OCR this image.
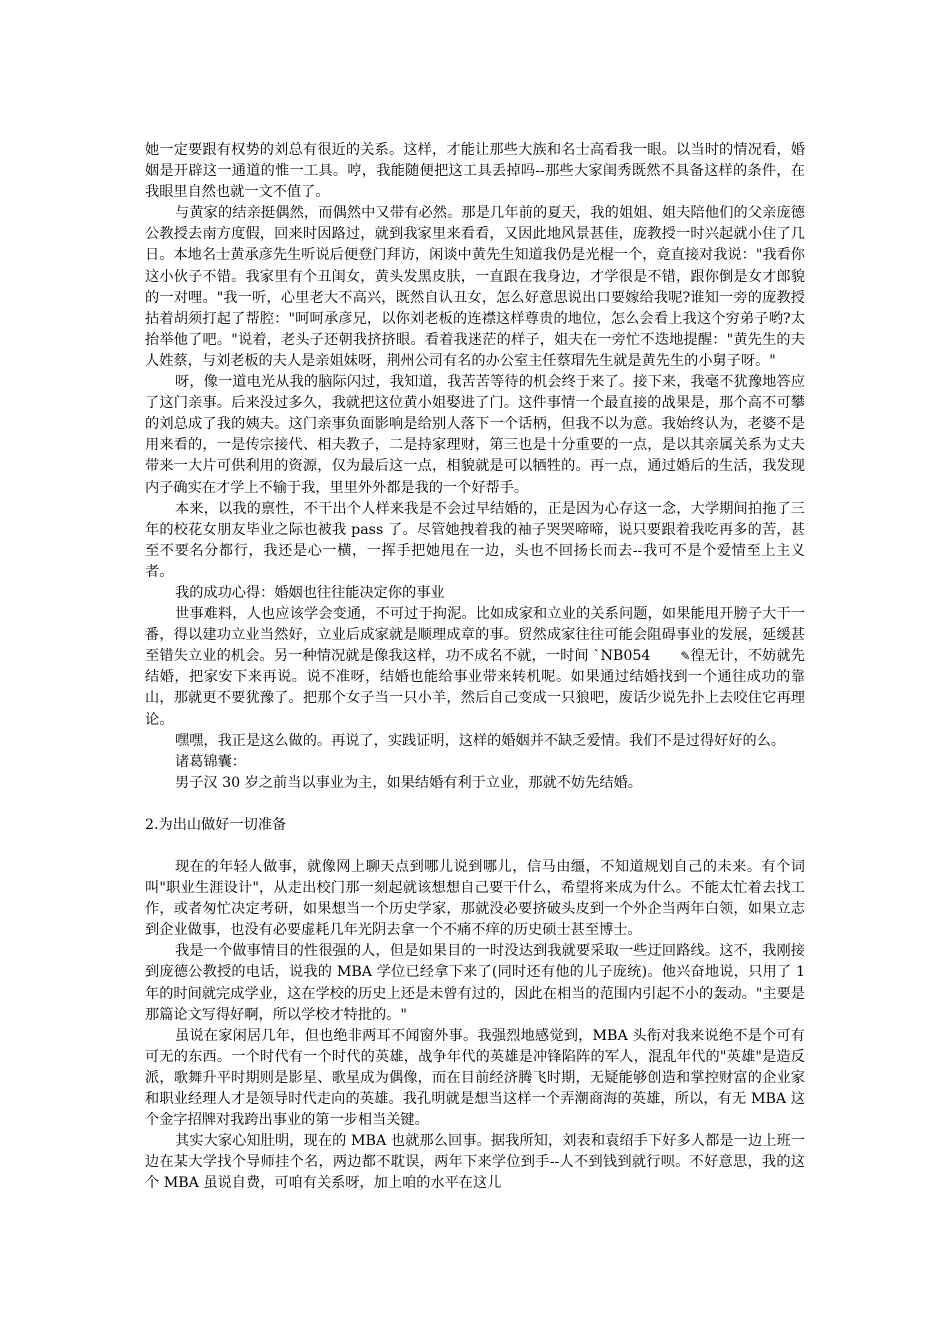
她一定要跟有权势的刘总有很近的关系。这样，才能让那些大族和名士高看我一眼。以当时的情况看，婚姻是开辟这一通道的惟一工具。哼，我能随便把这工具丢掉吗--那些大家闺秀既然不具备这样的条件，在我眼里自然也就一文不值了。

与黄家的结亲挺偶然，而偶然中又带有必然。那是几年前的夏天，我的姐姐、姐夫陪他们的父亲庞德公教授去南方度假，回来时因路过，就到我家里来看看，又因此地风景甚佳，庞教授一时兴起就小住了几日。本地名士黄承彦先生听说后便登门拜访，闲谈中黄先生知道我仍是光棍一个，竟直接对我说："我看你这小伙子不错。我家里有个丑闺女，黄头发黑皮肤，一直跟在我身边，才学很是不错，跟你倒是女才郎貌的一对哩。"我一听，心里老大不高兴，既然自认丑女，怎么好意思说出口要嫁给我呢?谁知一旁的庞教授拈着胡须打起了帮腔："呵呵承彦兄，以你刘老板的连襟这样尊贵的地位，怎么会看上我这个穷弟子哟?太抬举他了吧。"说着，老头子还朝我挤挤眼。看着我迷茫的样子，姐夫在一旁忙不迭地提醒："黄先生的夫人姓蔡，与刘老板的夫人是亲姐妹呀，荆州公司有名的办公室主任蔡瑁先生就是黄先生的小舅子呀。"

呀，像一道电光从我的脑际闪过，我知道，我苦苦等待的机会终于来了。接下来，我毫不犹豫地答应了这门亲事。后来没过多久，我就把这位黄小姐娶进了门。这件事情一个最直接的战果是，那个高不可攀的刘总成了我的姨夫。这门亲事负面影响是给别人落下一个话柄，但我不以为意。我始终认为，老婆不是用来看的，一是传宗接代、相夫教子，二是持家理财，第三也是十分重要的一点，是以其亲属关系为丈夫带来一大片可供利用的资源，仅为最后这一点，相貌就是可以牺牲的。再一点，通过婚后的生活，我发现内子确实在才学上不输于我，里里外外都是我的一个好帮手。

本来，以我的禀性，不干出个人样来我是不会过早结婚的，正是因为心存这一念，大学期间拍拖了三年的校花女朋友毕业之际也被我 pass 了。尽管她拽着我的袖子哭哭啼啼，说只要跟着我吃再多的苦，甚至不要名分都行，我还是心一横，一挥手把她甩在一边，头也不回扬长而去--我可不是个爱情至上主义者。

我的成功心得：婚姻也往往能决定你的事业

世事难料，人也应该学会变通，不可过于拘泥。比如成家和立业的关系问题，如果能甩开膀子大干一番，得以建功立业当然好，立业后成家就是顺理成章的事。贸然成家往往可能会阻碍事业的发展，延缓甚至错失立业的机会。另一种情况就是像我这样，功不成名不就，一时间 `NB054	✎徨无计，不妨就先结婚，把家安下来再说。说不准呀，结婚也能给事业带来转机呢。如果通过结婚找到一个通往成功的靠山，那就更不要犹豫了。把那个女子当一只小羊，然后自己变成一只狼吧，废话少说先扑上去咬住它再理论。

嘿嘿，我正是这么做的。再说了，实践证明，这样的婚姻并不缺乏爱情。我们不是过得好好的么。

诸葛锦囊：

男子汉 30 岁之前当以事业为主，如果结婚有利于立业，那就不妨先结婚。

2.为出山做好一切准备

现在的年轻人做事，就像网上聊天点到哪儿说到哪儿，信马由缰，不知道规划自己的未来。有个词叫"职业生涯设计"，从走出校门那一刻起就该想想自己要干什么，希望将来成为什么。不能太忙着去找工作，或者匆忙决定考研，如果想当一个历史学家，那就没必要挤破头皮到一个外企当两年白领，如果立志到企业做事，也没有必要虚耗几年光阴去拿一个不痛不痒的历史硕士甚至博士。

我是一个做事情目的性很强的人，但是如果目的一时没达到我就要采取一些迂回路线。这不，我刚接到庞德公教授的电话，说我的 MBA 学位已经拿下来了(同时还有他的儿子庞统)。他兴奋地说，只用了 1 年的时间就完成学业，这在学校的历史上还是未曾有过的，因此在相当的范围内引起不小的轰动。"主要是那篇论文写得好啊，所以学校才特批的。"

虽说在家闲居几年，但也绝非两耳不闻窗外事。我强烈地感觉到，MBA 头衔对我来说绝不是个可有可无的东西。一个时代有一个时代的英雄，战争年代的英雄是冲锋陷阵的军人，混乱年代的"英雄"是造反派，歌舞升平时期则是影星、歌星成为偶像，而在目前经济腾飞时期，无疑能够创造和掌控财富的企业家和职业经理人才是领导时代走向的英雄。我孔明就是想当这样一个弄潮商海的英雄，所以，有无 MBA 这个金字招牌对我跨出事业的第一步相当关键。

其实大家心知肚明，现在的 MBA 也就那么回事。据我所知，刘表和袁绍手下好多人都是一边上班一边在某大学找个导师挂个名，两边都不耽误，两年下来学位到手--人不到钱到就行呗。不好意思，我的这个 MBA 虽说自费，可咱有关系呀，加上咱的水平在这儿
